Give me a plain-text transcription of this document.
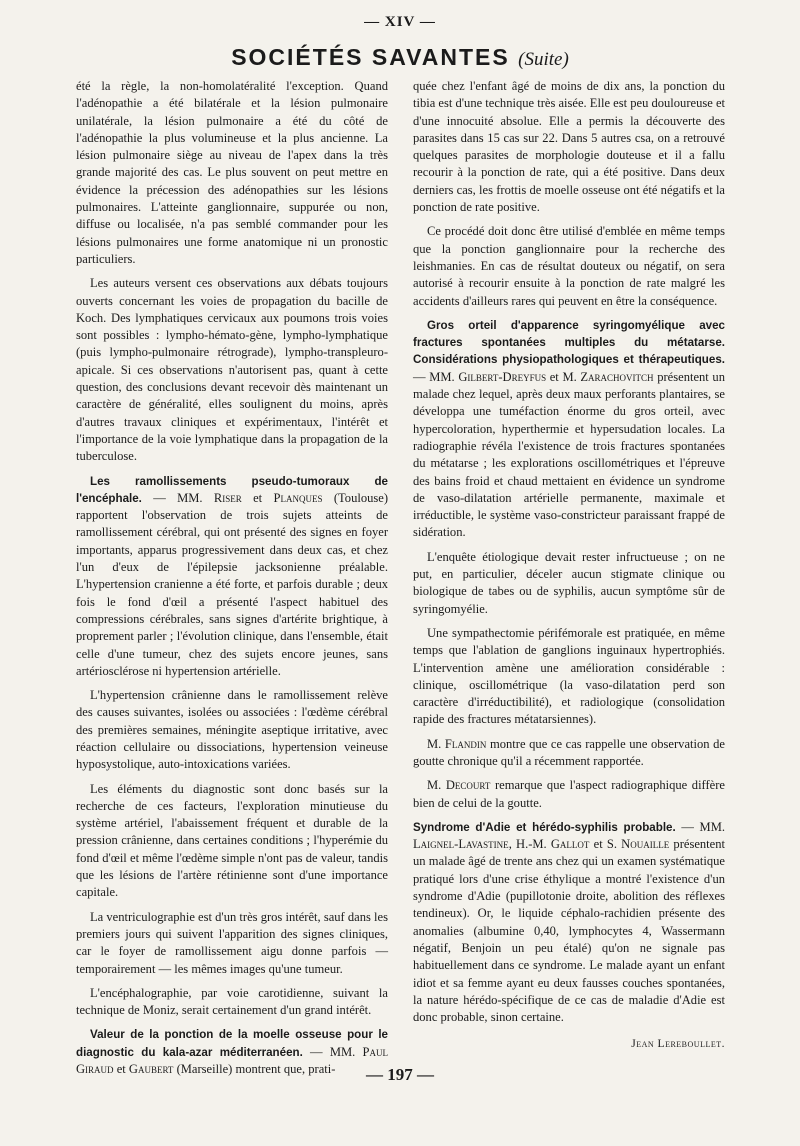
— XIV —
SOCIÉTÉS SAVANTES (Suite)

été la règle, la non-homolatéralité l'exception. Quand l'adénopathie a été bilatérale et la lésion pulmonaire unilatérale, la lésion pulmonaire a été du côté de l'adénopathie la plus volumineuse et la plus ancienne. La lésion pulmonaire siège au niveau de l'apex dans la très grande majorité des cas. Le plus souvent on peut mettre en évidence la précession des adénopathies sur les lésions pulmonaires. L'atteinte ganglionnaire, suppurée ou non, diffuse ou localisée, n'a pas semblé commander pour les lésions pulmonaires une forme anatomique ni un pronostic particuliers.

Les auteurs versent ces observations aux débats toujours ouverts concernant les voies de propagation du bacille de Koch. Des lymphatiques cervicaux aux poumons trois voies sont possibles : lympho-hémato-gène, lympho-lymphatique (puis lympho-pulmonaire rétrograde), lympho-transpleuro-apicale. Si ces observations n'autorisent pas, quant à cette question, des conclusions devant recevoir dès maintenant un caractère de généralité, elles soulignent du moins, après d'autres travaux cliniques et expérimentaux, l'intérêt et l'importance de la voie lymphatique dans la propagation de la tuberculose.

Les ramollissements pseudo-tumoraux de l'encéphale. — MM. Riser et Planques (Toulouse) rapportent l'observation de trois sujets atteints de ramollissement cérébral, qui ont présenté des signes en foyer importants, apparus progressivement dans deux cas, et chez l'un d'eux de l'épilepsie jacksonienne préalable. L'hypertension cranienne a été forte, et parfois durable ; deux fois le fond d'œil a présenté l'aspect habituel des compressions cérébrales, sans signes d'artérite brightique, à proprement parler ; l'évolution clinique, dans l'ensemble, était celle d'une tumeur, chez des sujets encore jeunes, sans artériosclérose ni hypertension artérielle.

L'hypertension crânienne dans le ramollissement relève des causes suivantes, isolées ou associées : l'œdème cérébral des premières semaines, méningite aseptique irritative, avec réaction cellulaire ou dissociations, hypertension veineuse hyposystolique, auto-intoxications variées.

Les éléments du diagnostic sont donc basés sur la recherche de ces facteurs, l'exploration minutieuse du système artériel, l'abaissement fréquent et durable de la pression crânienne, dans certaines conditions ; l'hyperémie du fond d'œil et même l'œdème simple n'ont pas de valeur, tandis que les lésions de l'artère rétinienne sont d'une importance capitale.

La ventriculographie est d'un très gros intérêt, sauf dans les premiers jours qui suivent l'apparition des signes cliniques, car le foyer de ramollissement aigu donne parfois — temporairement — les mêmes images qu'une tumeur.

L'encéphalographie, par voie carotidienne, suivant la technique de Moniz, serait certainement d'un grand intérêt.

Valeur de la ponction de la moelle osseuse pour le diagnostic du kala-azar méditerranéen. — MM. Paul Giraud et Gaubert (Marseille) montrent que, prati-

quée chez l'enfant âgé de moins de dix ans, la ponction du tibia est d'une technique très aisée. Elle est peu douloureuse et d'une innocuité absolue. Elle a permis la découverte des parasites dans 15 cas sur 22. Dans 5 autres csa, on a retrouvé quelques parasites de morphologie douteuse et il a fallu recourir à la ponction de rate, qui a été positive. Dans deux derniers cas, les frottis de moelle osseuse ont été négatifs et la ponction de rate positive.

Ce procédé doit donc être utilisé d'emblée en même temps que la ponction ganglionnaire pour la recherche des leishmanies. En cas de résultat douteux ou négatif, on sera autorisé à recourir ensuite à la ponction de rate malgré les accidents d'ailleurs rares qui peuvent en être la conséquence.

Gros orteil d'apparence syringomyélique avec fractures spontanées multiples du métatarse. Considérations physiopathologiques et thérapeutiques. — MM. Gilbert-Dreyfus et M. Zarachovitch présentent un malade chez lequel, après deux maux perforants plantaires, se développa une tuméfaction énorme du gros orteil, avec hypercoloration, hyperthermie et hypersudation locales. La radiographie révéla l'existence de trois fractures spontanées du métatarse ; les explorations oscillométriques et l'épreuve des bains froid et chaud mettaient en évidence un syndrome de vaso-dilatation artérielle permanente, maximale et irréductible, le système vaso-constricteur paraissant frappé de sidération.

L'enquête étiologique devait rester infructueuse ; on ne put, en particulier, déceler aucun stigmate clinique ou biologique de tabes ou de syphilis, aucun symptôme sûr de syringomyélie.

Une sympathectomie périfémorale est pratiquée, en même temps que l'ablation de ganglions inguinaux hypertrophiés. L'intervention amène une amélioration considérable : clinique, oscillométrique (la vaso-dilatation perd son caractère d'irréductibilité), et radiologique (consolidation rapide des fractures métatarsiennes).

M. Flandin montre que ce cas rappelle une observation de goutte chronique qu'il a récemment rapportée.

M. Decourt remarque que l'aspect radiographique diffère bien de celui de la goutte.

Syndrome d'Adie et hérédo-syphilis probable. — MM. Laignel-Lavastine, H.-M. Gallot et S. Nouaille présentent un malade âgé de trente ans chez qui un examen systématique pratiqué lors d'une crise éthylique a montré l'existence d'un syndrome d'Adie (pupillotonie droite, abolition des réflexes tendineux). Or, le liquide céphalo-rachidien présente des anomalies (albumine 0,40, lymphocytes 4, Wassermann négatif, Benjoin un peu étalé) qu'on ne signale pas habituellement dans ce syndrome. Le malade ayant un enfant idiot et sa femme ayant eu deux fausses couches spontanées, la nature hérédo-spécifique de ce cas de maladie d'Adie est donc probable, sinon certaine.

Jean Lereboullet.
— 197 —
